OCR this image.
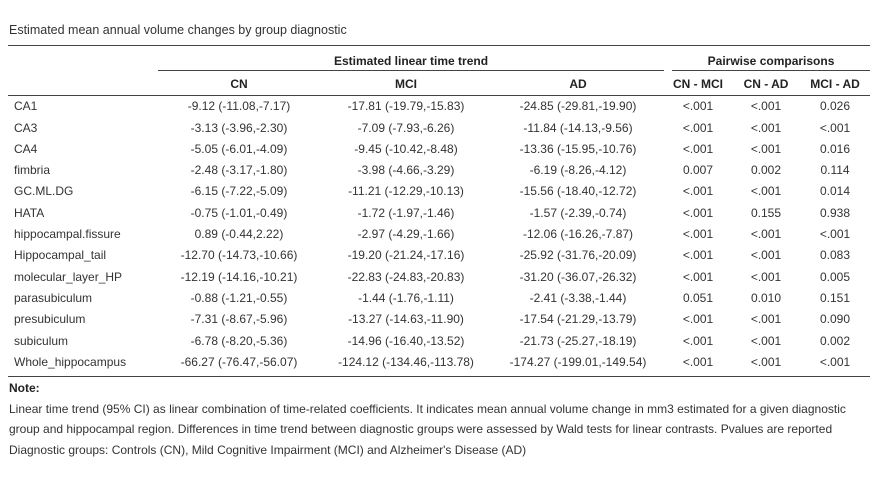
Estimated mean annual volume changes by group diagnostic

	Estimated linear time trend			Pairwise comparisons		

	CN	MCI	AD	CN - MCI	CN - AD	MCI - AD
CA1	-9.12 (-11.08,-7.17)	-17.81 (-19.79,-15.83)	-24.85 (-29.81,-19.90)	<.001	<.001	0.026
CA3	-3.13 (-3.96,-2.30)	-7.09 (-7.93,-6.26)	-11.84 (-14.13,-9.56)	<.001	<.001	<.001
CA4	-5.05 (-6.01,-4.09)	-9.45 (-10.42,-8.48)	-13.36 (-15.95,-10.76)	<.001	<.001	0.016
fimbria	-2.48 (-3.17,-1.80)	-3.98 (-4.66,-3.29)	-6.19 (-8.26,-4.12)	0.007	0.002	0.114
GC.ML.DG	-6.15 (-7.22,-5.09)	-11.21 (-12.29,-10.13)	-15.56 (-18.40,-12.72)	<.001	<.001	0.014
HATA	-0.75 (-1.01,-0.49)	-1.72 (-1.97,-1.46)	-1.57 (-2.39,-0.74)	<.001	0.155	0.938
hippocampal.fissure	0.89 (-0.44,2.22)	-2.97 (-4.29,-1.66)	-12.06 (-16.26,-7.87)	<.001	<.001	<.001
Hippocampal_tail	-12.70 (-14.73,-10.66)	-19.20 (-21.24,-17.16)	-25.92 (-31.76,-20.09)	<.001	<.001	0.083
molecular_layer_HP	-12.19 (-14.16,-10.21)	-22.83 (-24.83,-20.83)	-31.20 (-36.07,-26.32)	<.001	<.001	0.005
parasubiculum	-0.88 (-1.21,-0.55)	-1.44 (-1.76,-1.11)	-2.41 (-3.38,-1.44)	0.051	0.010	0.151
presubiculum	-7.31 (-8.67,-5.96)	-13.27 (-14.63,-11.90)	-17.54 (-21.29,-13.79)	<.001	<.001	0.090
subiculum	-6.78 (-8.20,-5.36)	-14.96 (-16.40,-13.52)	-21.73 (-25.27,-18.19)	<.001	<.001	0.002
Whole_hippocampus	-66.27 (-76.47,-56.07)	-124.12 (-134.46,-113.78)	-174.27 (-199.01,-149.54)	<.001	<.001	<.001

Note:

Linear time trend (95% CI) as linear combination of time-related coefficients. It indicates mean annual volume change in mm3 estimated for a given diagnostic

group and hippocampal region. Differences in time trend between diagnostic groups were assessed by Wald tests for linear contrasts. Pvalues are reported

Diagnostic groups: Controls (CN), Mild Cognitive Impairment (MCI) and Alzheimer's Disease (AD)
